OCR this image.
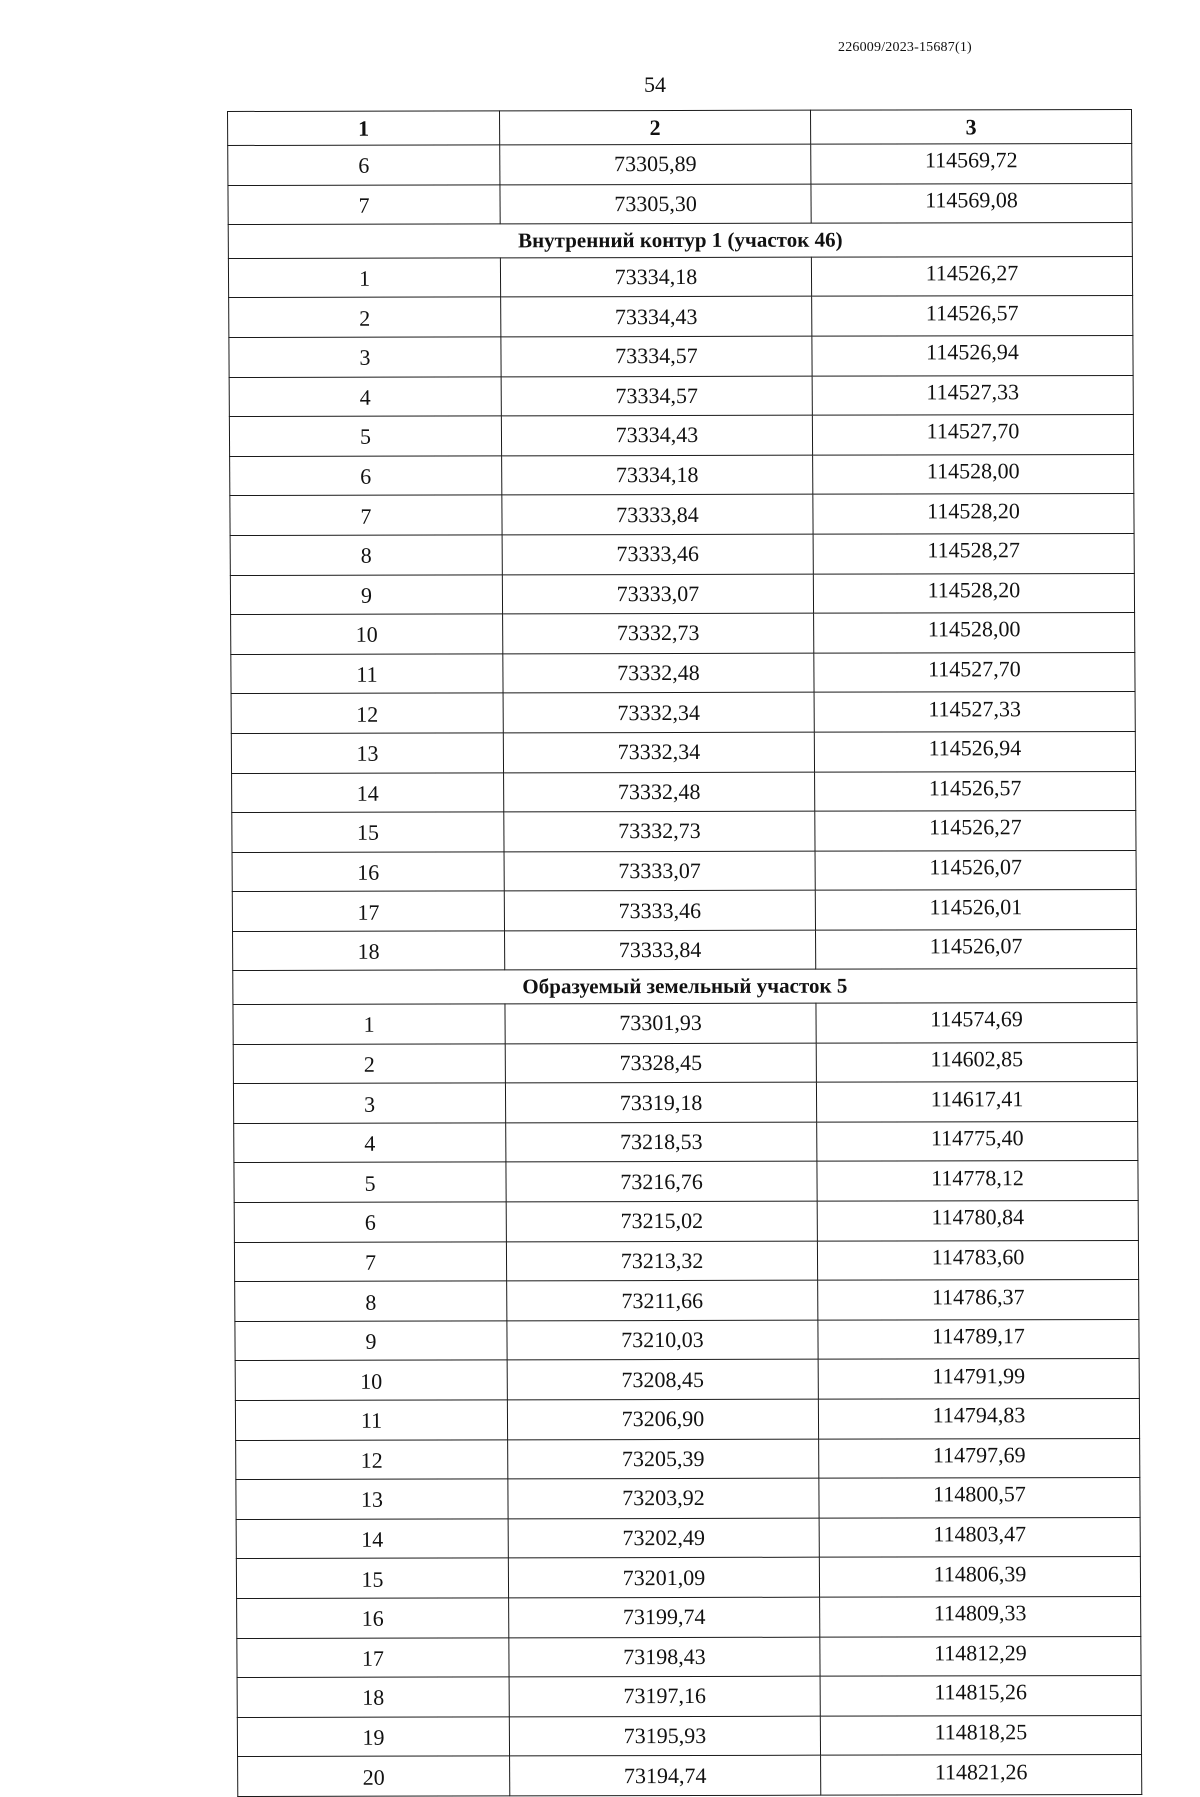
226009/2023-15687(1)
54
1	2	3
6	73305,89	114569,72
7	73305,30	114569,08
Внутренний контур 1 (участок 46)		
1	73334,18	114526,27
2	73334,43	114526,57
3	73334,57	114526,94
4	73334,57	114527,33
5	73334,43	114527,70
6	73334,18	114528,00
7	73333,84	114528,20
8	73333,46	114528,27
9	73333,07	114528,20
10	73332,73	114528,00
11	73332,48	114527,70
12	73332,34	114527,33
13	73332,34	114526,94
14	73332,48	114526,57
15	73332,73	114526,27
16	73333,07	114526,07
17	73333,46	114526,01
18	73333,84	114526,07
Образуемый земельный участок 5		
1	73301,93	114574,69
2	73328,45	114602,85
3	73319,18	114617,41
4	73218,53	114775,40
5	73216,76	114778,12
6	73215,02	114780,84
7	73213,32	114783,60
8	73211,66	114786,37
9	73210,03	114789,17
10	73208,45	114791,99
11	73206,90	114794,83
12	73205,39	114797,69
13	73203,92	114800,57
14	73202,49	114803,47
15	73201,09	114806,39
16	73199,74	114809,33
17	73198,43	114812,29
18	73197,16	114815,26
19	73195,93	114818,25
20	73194,74	114821,26
